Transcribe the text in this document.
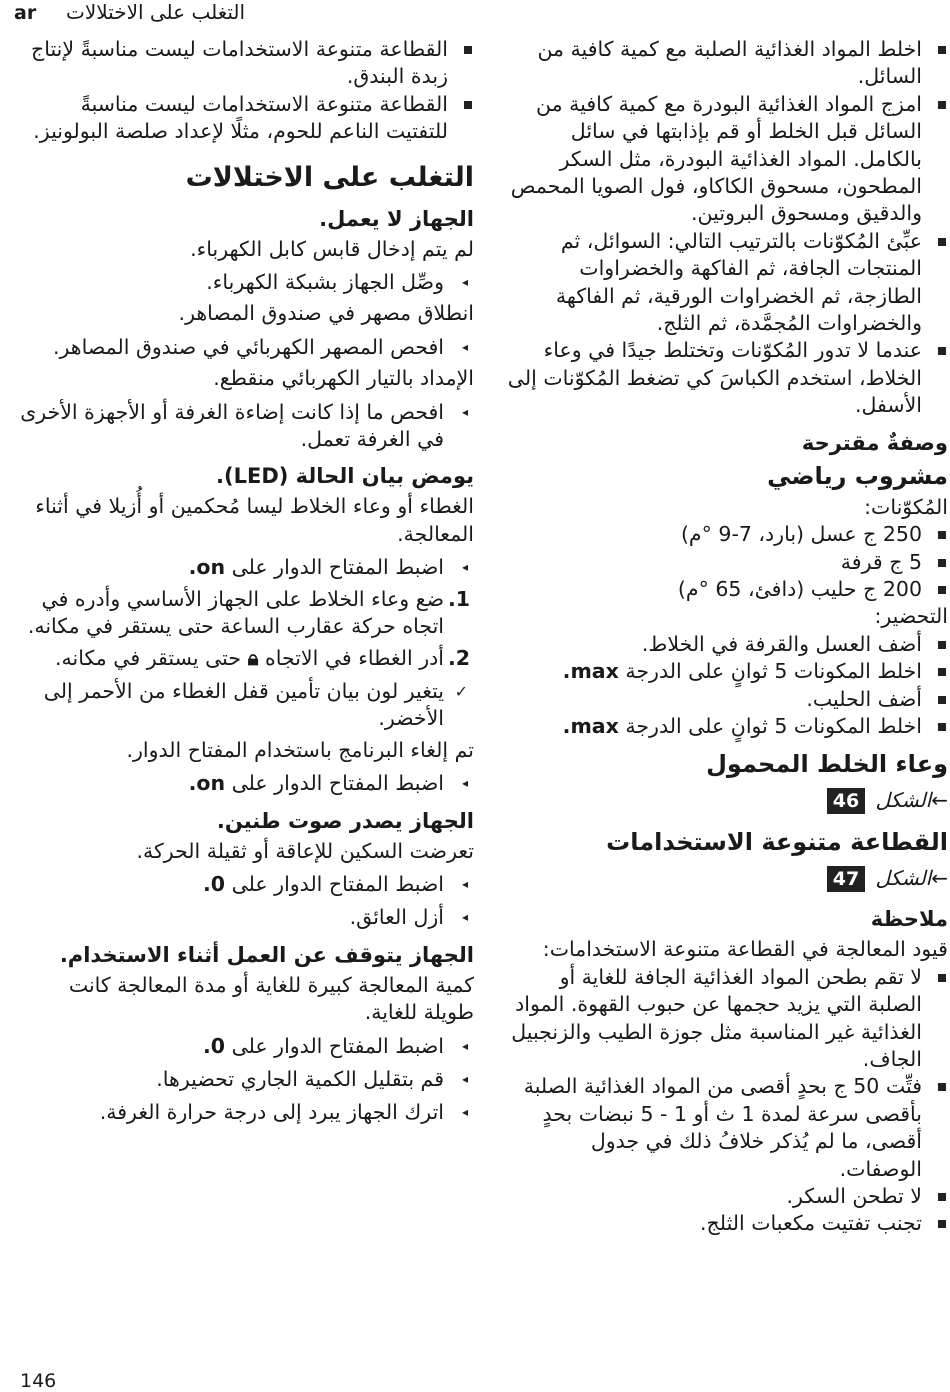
ar التغلب على الاختلالات
اخلط المواد الغذائية الصلبة مع كمية كافية من السائل.
امزج المواد الغذائية البودرة مع كمية كافية من السائل قبل الخلط أو قم بإذابتها في سائل بالكامل. المواد الغذائية البودرة، مثل السكر المطحون، مسحوق الكاكاو، فول الصويا المحمص والدقيق ومسحوق البروتين.
عبِّئ المُكوّنات بالترتيب التالي: السوائل، ثم المنتجات الجافة، ثم الفاكهة والخضراوات الطازجة، ثم الخضراوات الورقية، ثم الفاكهة والخضراوات المُجمَّدة، ثم الثلج.
عندما لا تدور المُكوّنات وتختلط جيدًا في وعاء الخلاط، استخدم الكباسَ كي تضغط المُكوّنات إلى الأسفل.
وصفةٌ مقترحة
مشروب رياضي

المُكوّنات:

250 ج عسل (بارد، 7-9 °م)
5 ج قرفة
200 ج حليب (دافئ، 65 °م)

التحضير:

أضف العسل والقرفة في الخلاط.
اخلط المكونات 5 ثوانٍ على الدرجة max.
أضف الحليب.
اخلط المكونات 5 ثوانٍ على الدرجة max.
وعاء الخلط المحمول
←الشكل 46
القطاعة متنوعة الاستخدامات
←الشكل 47
ملاحظة

قيود المعالجة في القطاعة متنوعة الاستخدامات:

لا تقم بطحن المواد الغذائية الجافة للغاية أو الصلبة التي يزيد حجمها عن حبوب القهوة. المواد الغذائية غير المناسبة مثل جوزة الطيب والزنجبيل الجاف.
فتِّت 50 ج بحدٍ أقصى من المواد الغذائية الصلبة بأقصى سرعة لمدة 1 ث أو 1 - 5 نبضات بحدٍ أقصى، ما لم يُذكر خلافُ ذلك في جدول الوصفات.
لا تطحن السكر.
تجنب تفتيت مكعبات الثلج.
القطاعة متنوعة الاستخدامات ليست مناسبةً لإنتاج زبدة البندق.
القطاعة متنوعة الاستخدامات ليست مناسبةً للتفتيت الناعم للحوم، مثلًا لإعداد صلصة البولونيز.
التغلب على الاختلالات
الجهاز لا يعمل.

لم يتم إدخال قابس كابل الكهرباء.

◂
وصِّل الجهاز بشبكة الكهرباء.

انطلاق مصهر في صندوق المصاهر.

◂
افحص المصهر الكهربائي في صندوق المصاهر.

الإمداد بالتيار الكهربائي منقطع.

◂
افحص ما إذا كانت إضاءة الغرفة أو الأجهزة الأخرى في الغرفة تعمل.
يومض بيان الحالة (LED).

الغطاء أو وعاء الخلاط ليسا مُحكمين أو أُزيلا في أثناء المعالجة.

◂
اضبط المفتاح الدوار على on.
1.
ضع وعاء الخلاط على الجهاز الأساسي وأدره في اتجاه حركة عقارب الساعة حتى يستقر في مكانه.
2.
أدر الغطاء في الاتجاه 🔒︎ حتى يستقر في مكانه.
✓
يتغير لون بيان تأمين قفل الغطاء من الأحمر إلى الأخضر.

تم إلغاء البرنامج باستخدام المفتاح الدوار.

◂
اضبط المفتاح الدوار على on.
الجهاز يصدر صوت طنين.

تعرضت السكين للإعاقة أو ثقيلة الحركة.

◂
اضبط المفتاح الدوار على 0.
◂
أزل العائق.
الجهاز يتوقف عن العمل أثناء الاستخدام.

كمية المعالجة كبيرة للغاية أو مدة المعالجة كانت طويلة للغاية.

◂
اضبط المفتاح الدوار على 0.
◂
قم بتقليل الكمية الجاري تحضيرها.
◂
اترك الجهاز يبرد إلى درجة حرارة الغرفة.
146
